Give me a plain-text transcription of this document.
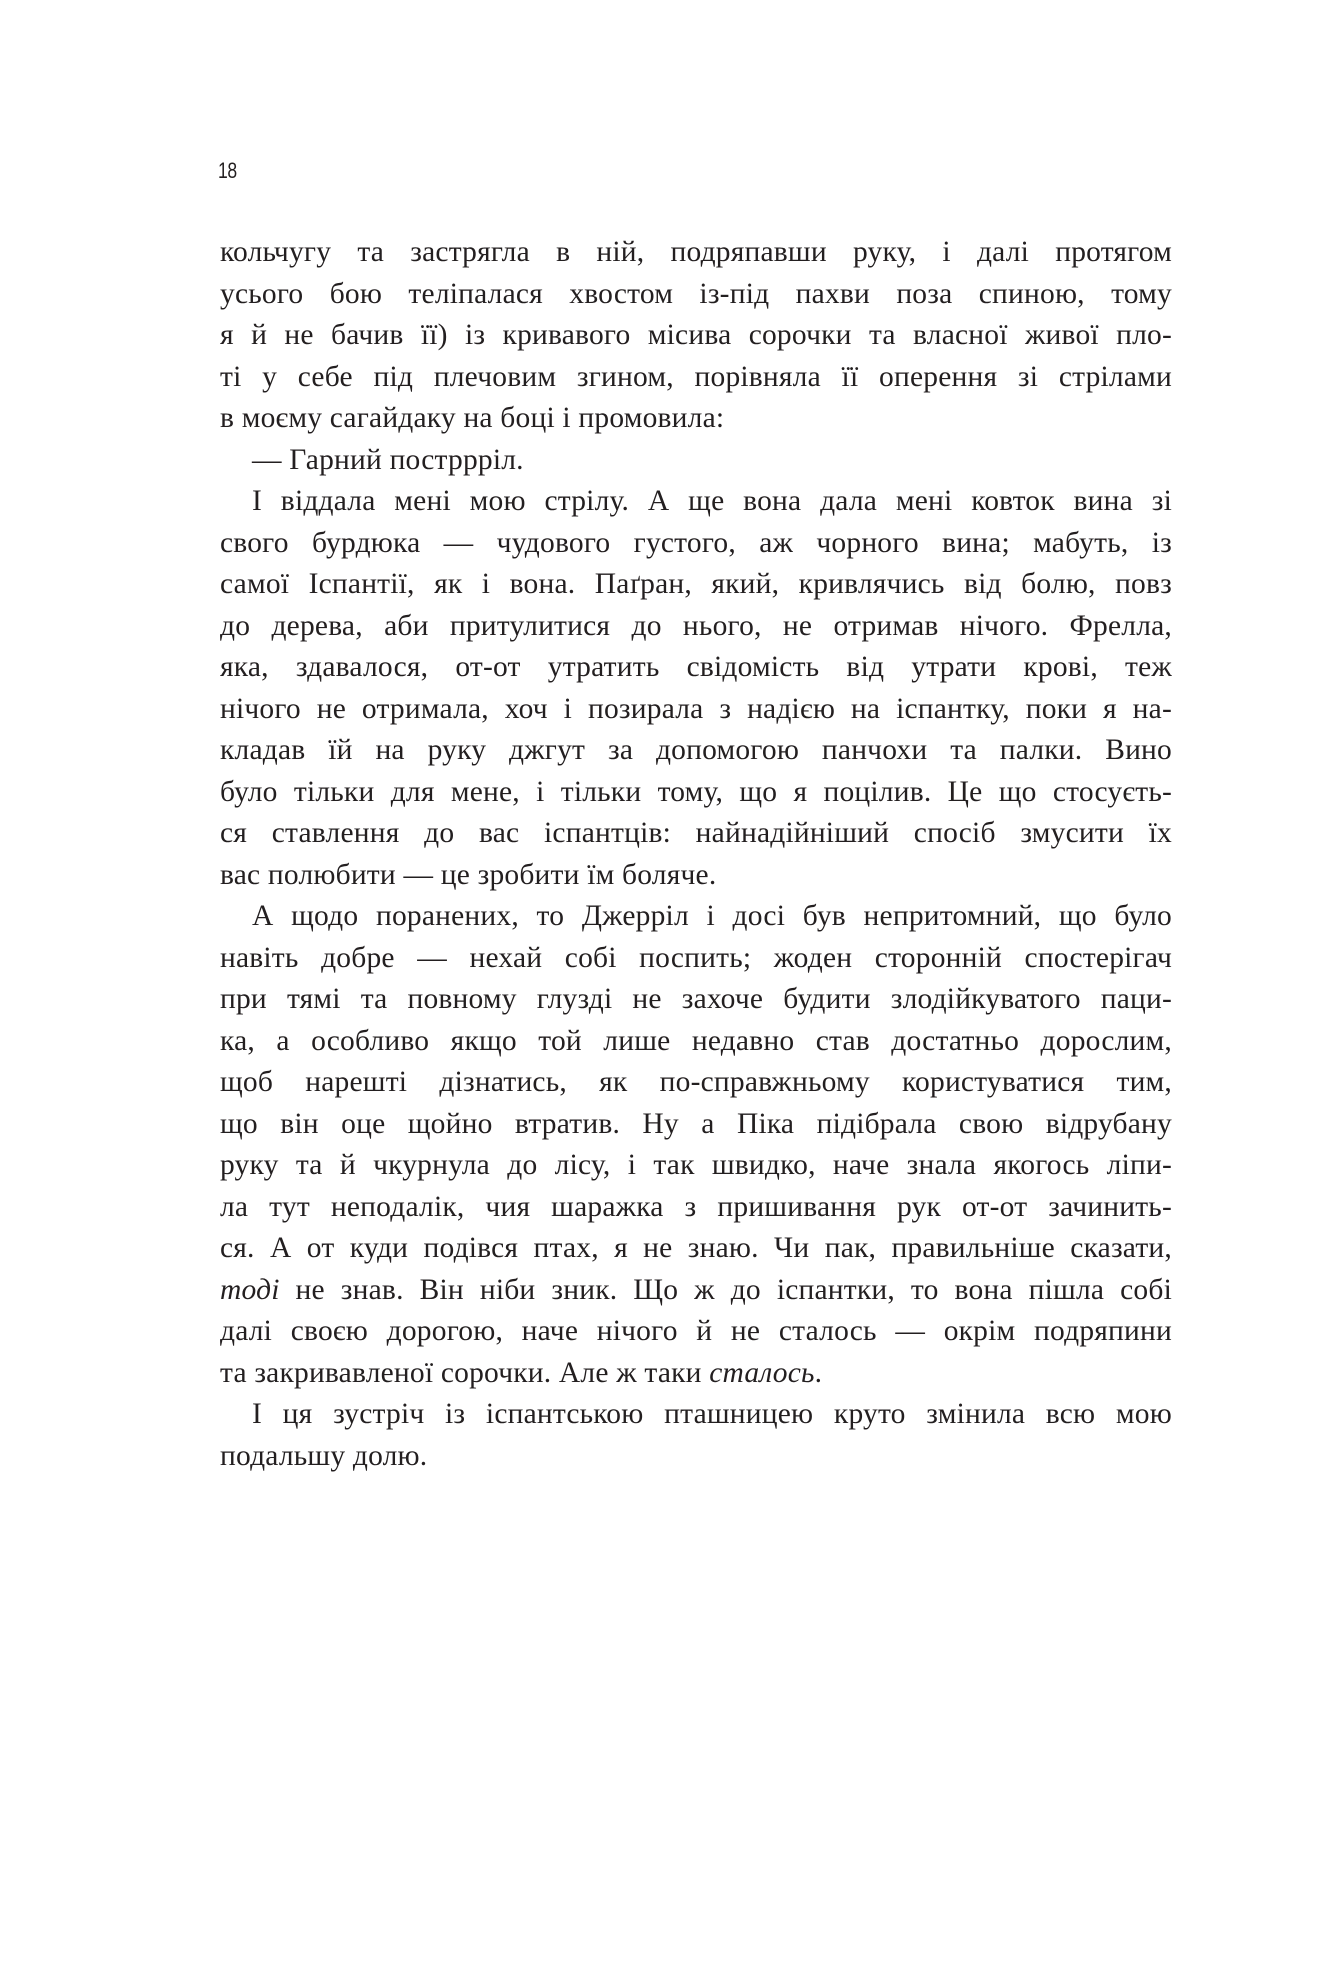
18
кольчугу та застрягла в ній, подряпавши руку, і далі протягом
усього бою теліпалася хвостом із-під пахви поза спиною, тому
я й не бачив її) із кривавого місива сорочки та власної живої пло-
ті у себе під плечовим згином, порівняла її оперення зі стрілами
в моєму сагайдаку на боці і промовила:
— Гарний постррріл.
І віддала мені мою стрілу. А ще вона дала мені ковток вина зі
свого бурдюка — чудового густого, аж чорного вина; мабуть, із
самої Іспантії, як і вона. Паґран, який, кривлячись від болю, повз
до дерева, аби притулитися до нього, не отримав нічого. Фрелла,
яка, здавалося, от-от утратить свідомість від утрати крові, теж
нічого не отримала, хоч і позирала з надією на іспантку, поки я на-
кладав їй на руку джгут за допомогою панчохи та палки. Вино
було тільки для мене, і тільки тому, що я поцілив. Це що стосуєть-
ся ставлення до вас іспантців: найнадійніший спосіб змусити їх
вас полюбити — це зробити їм боляче.
А щодо поранених, то Джерріл і досі був непритомний, що було
навіть добре — нехай собі поспить; жоден сторонній спостерігач
при тямі та повному глузді не захоче будити злодійкуватого паци-
ка, а особливо якщо той лише недавно став достатньо дорослим,
щоб нарешті дізнатись, як по-справжньому користуватися тим,
що він оце щойно втратив. Ну а Піка підібрала свою відрубану
руку та й чкурнула до лісу, і так швидко, наче знала якогось ліпи-
ла тут неподалік, чия шаражка з пришивання рук от-от зачинить-
ся. А от куди подівся птах, я не знаю. Чи пак, правильніше сказати,
тоді не знав. Він ніби зник. Що ж до іспантки, то вона пішла собі
далі своєю дорогою, наче нічого й не сталось — окрім подряпини
та закривавленої сорочки. Але ж таки сталось.
І ця зустріч із іспантською пташницею круто змінила всю мою
подальшу долю.
